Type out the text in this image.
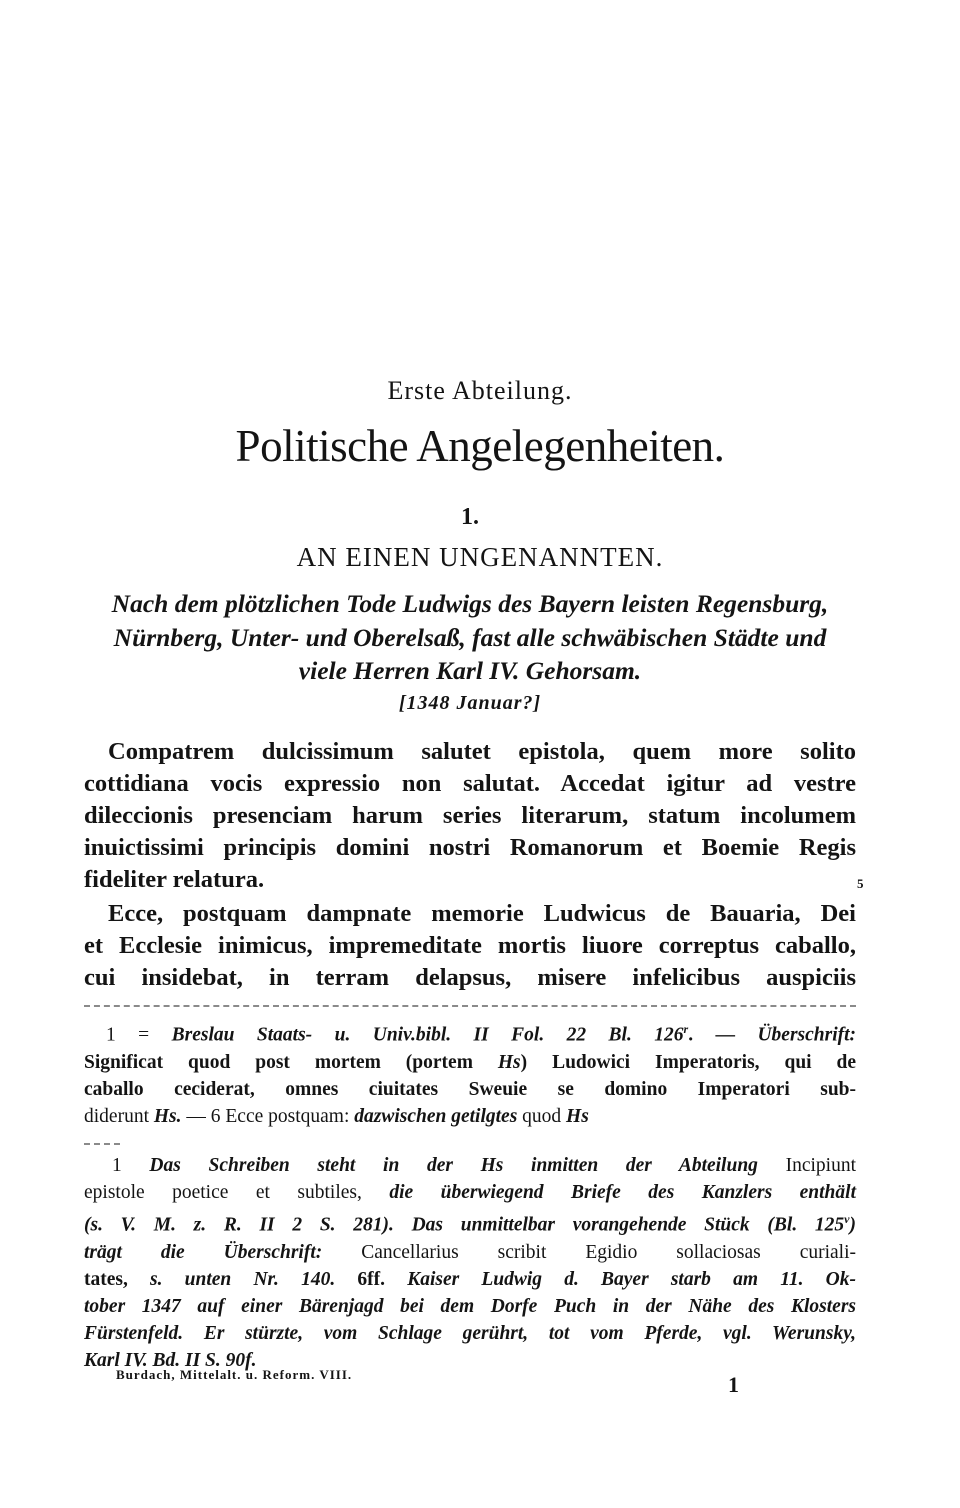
Erste Abteilung.
Politische Angelegenheiten.
1.
AN EINEN UNGENANNTEN.
Nach dem plötzlichen Tode Ludwigs des Bayern leisten Regensburg,
Nürnberg, Unter- und Oberelsaß, fast alle schwäbischen Städte und
viele Herren Karl IV. Gehorsam.
[1348 Januar?]
Compatrem dulcissimum salutet epistola, quem more solito
cottidiana vocis expressio non salutat. Accedat igitur ad vestre
dileccionis presenciam harum series literarum, statum incolumem
inuictissimi principis domini nostri Romanorum et Boemie Regis
fideliter relatura.	5
Ecce, postquam dampnate memorie Ludwicus de Bauaria, Dei
et Ecclesie inimicus, impremeditate mortis liuore correptus caballo,
cui insidebat, in terram delapsus, misere infelicibus auspiciis
1 = Breslau Staats- u. Univ.bibl. II Fol. 22 Bl. 126$^r$. — Überschrift:
Significat quod post mortem (portem Hs) Ludowici Imperatoris, qui de
caballo ceciderat, omnes ciuitates Sweuie se domino Imperatori sub-
diderunt Hs. — 6 Ecce postquam: dazwischen getilgtes quod Hs
1 Das Schreiben steht in der Hs inmitten der Abteilung Incipiunt
epistole poetice et subtiles, die überwiegend Briefe des Kanzlers enthält
(s. V. M. z. R. II 2 S. 281). Das unmittelbar vorangehende Stück (Bl. 125$^v$)
trägt die Überschrift: Cancellarius scribit Egidio sollaciosas curiali-
tates, s. unten Nr. 140. 6ff. Kaiser Ludwig d. Bayer starb am 11. Ok-
tober 1347 auf einer Bärenjagd bei dem Dorfe Puch in der Nähe des Klosters
Fürstenfeld. Er stürzte, vom Schlage gerührt, tot vom Pferde, vgl. Werunsky,
Karl IV. Bd. II S. 90f.
Burdach, Mittelalt. u. Reform. VIII.	1
